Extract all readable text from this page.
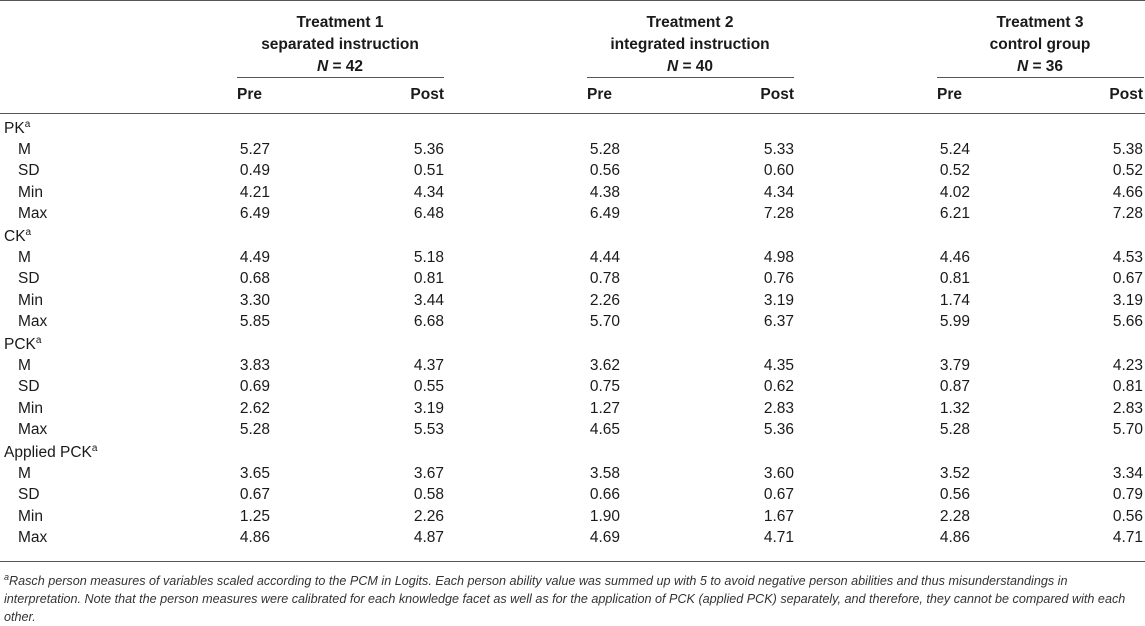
Treatment 1
separated instruction
N = 42
Treatment 2
integrated instruction
N = 40
Treatment 3
control group
N = 36
Pre	Post	Pre	Post	Pre	Post
$PK^a$
M	5.27	5.36	5.28	5.33	5.24	5.38
SD	0.49	0.51	0.56	0.60	0.52	0.52
Min	4.21	4.34	4.38	4.34	4.02	4.66
Max	6.49	6.48	6.49	7.28	6.21	7.28
$CK^a$
M	4.49	5.18	4.44	4.98	4.46	4.53
SD	0.68	0.81	0.78	0.76	0.81	0.67
Min	3.30	3.44	2.26	3.19	1.74	3.19
Max	5.85	6.68	5.70	6.37	5.99	5.66
PCK$^a$
M	3.83	4.37	3.62	4.35	3.79	4.23
SD	0.69	0.55	0.75	0.62	0.87	0.81
Min	2.62	3.19	1.27	2.83	1.32	2.83
Max	5.28	5.53	4.65	5.36	5.28	5.70
Applied PCK$^a$
M	3.65	3.67	3.58	3.60	3.52	3.34
SD	0.67	0.58	0.66	0.67	0.56	0.79
Min	1.25	2.26	1.90	1.67	2.28	0.56
Max	4.86	4.87	4.69	4.71	4.86	4.71
$^a$Rasch person measures of variables scaled according to the PCM in Logits. Each person ability value was summed up with 5 to avoid negative person abilities and thus misunderstandings in interpretation. Note that the person measures were calibrated for each knowledge facet as well as for the application of PCK (applied PCK) separately, and therefore, they cannot be compared with each other.
